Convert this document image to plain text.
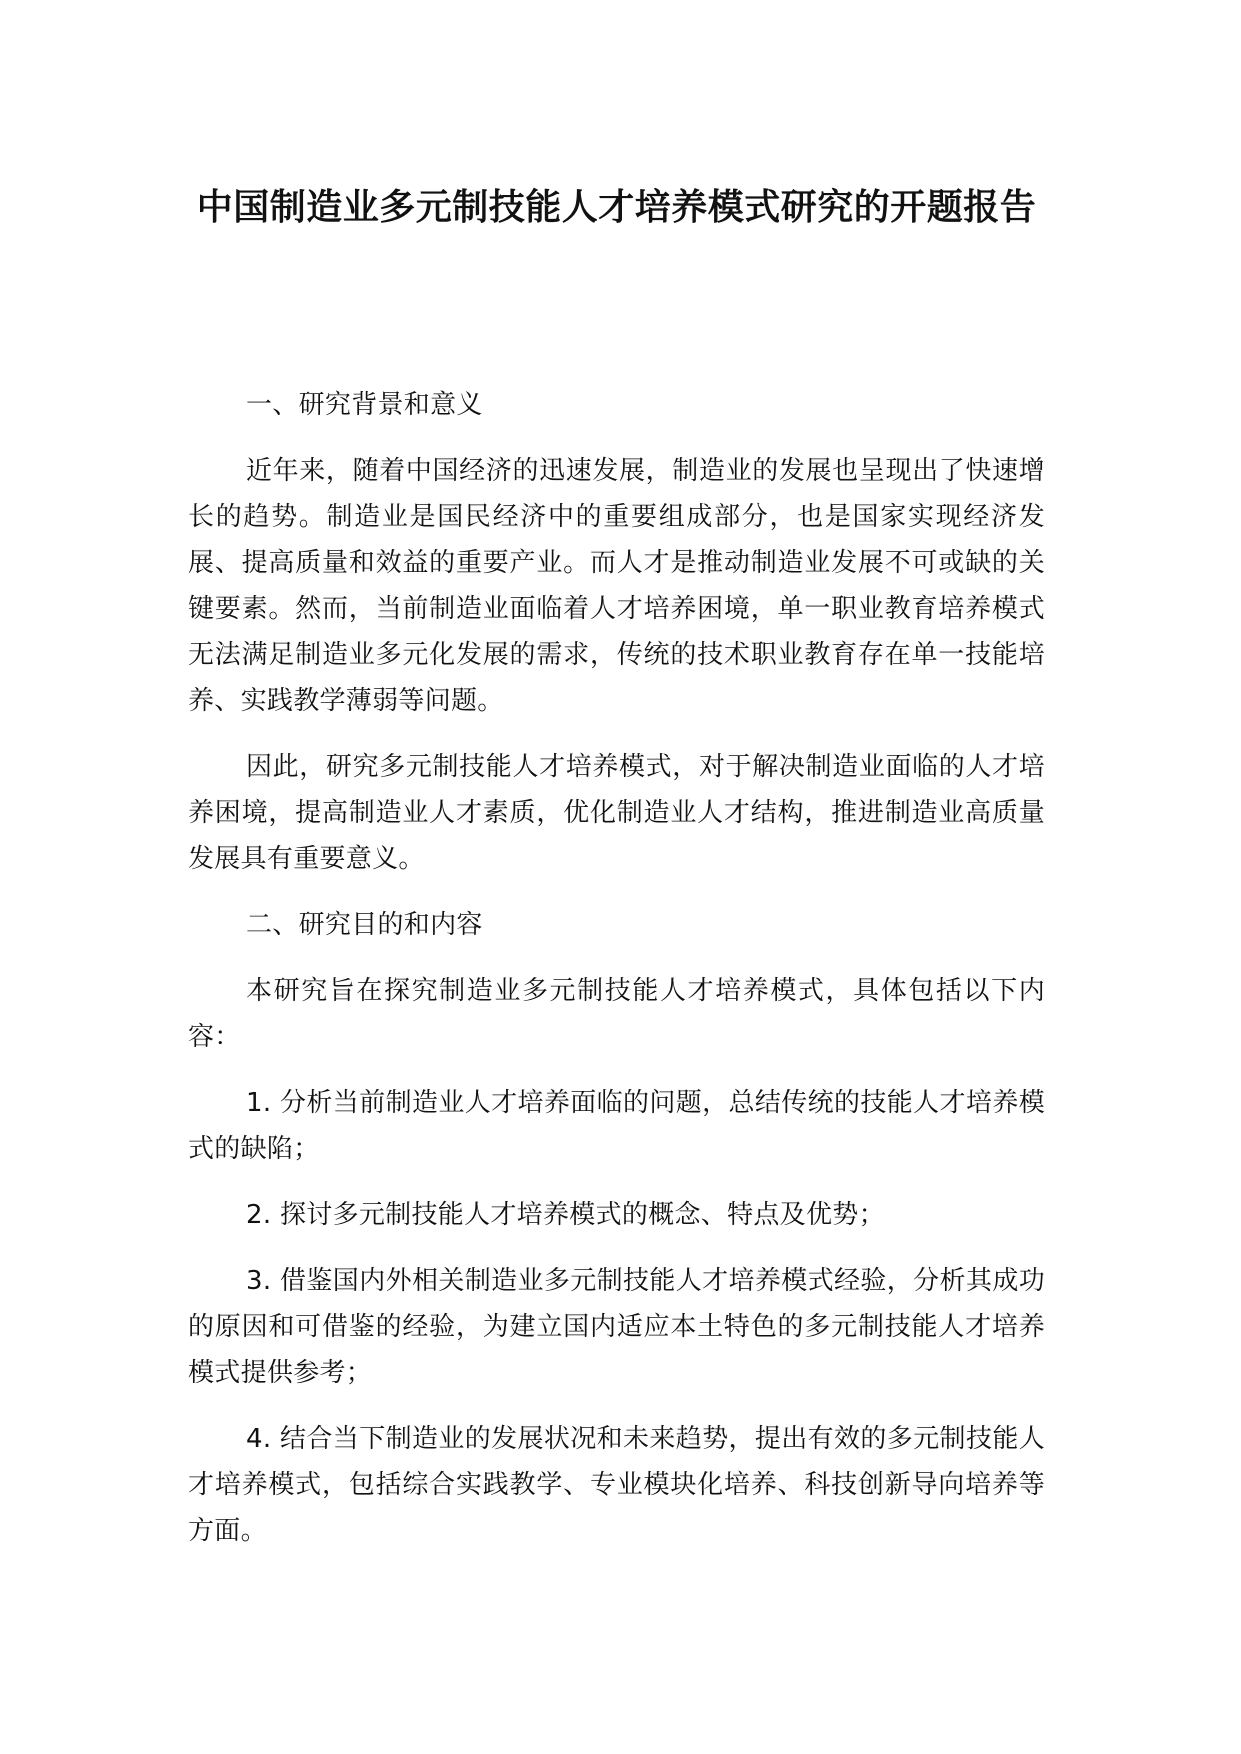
中国制造业多元制技能人才培养模式研究的开题报告

一、研究背景和意义

近年来，随着中国经济的迅速发展，制造业的发展也呈现出了快速增长的趋势。制造业是国民经济中的重要组成部分，也是国家实现经济发展、提高质量和效益的重要产业。而人才是推动制造业发展不可或缺的关键要素。然而，当前制造业面临着人才培养困境，单一职业教育培养模式无法满足制造业多元化发展的需求，传统的技术职业教育存在单一技能培养、实践教学薄弱等问题。

因此，研究多元制技能人才培养模式，对于解决制造业面临的人才培养困境，提高制造业人才素质，优化制造业人才结构，推进制造业高质量发展具有重要意义。

二、研究目的和内容

本研究旨在探究制造业多元制技能人才培养模式，具体包括以下内容：

1. 分析当前制造业人才培养面临的问题，总结传统的技能人才培养模式的缺陷；

2. 探讨多元制技能人才培养模式的概念、特点及优势；

3. 借鉴国内外相关制造业多元制技能人才培养模式经验，分析其成功的原因和可借鉴的经验，为建立国内适应本土特色的多元制技能人才培养模式提供参考；

4. 结合当下制造业的发展状况和未来趋势，提出有效的多元制技能人才培养模式，包括综合实践教学、专业模块化培养、科技创新导向培养等方面。
